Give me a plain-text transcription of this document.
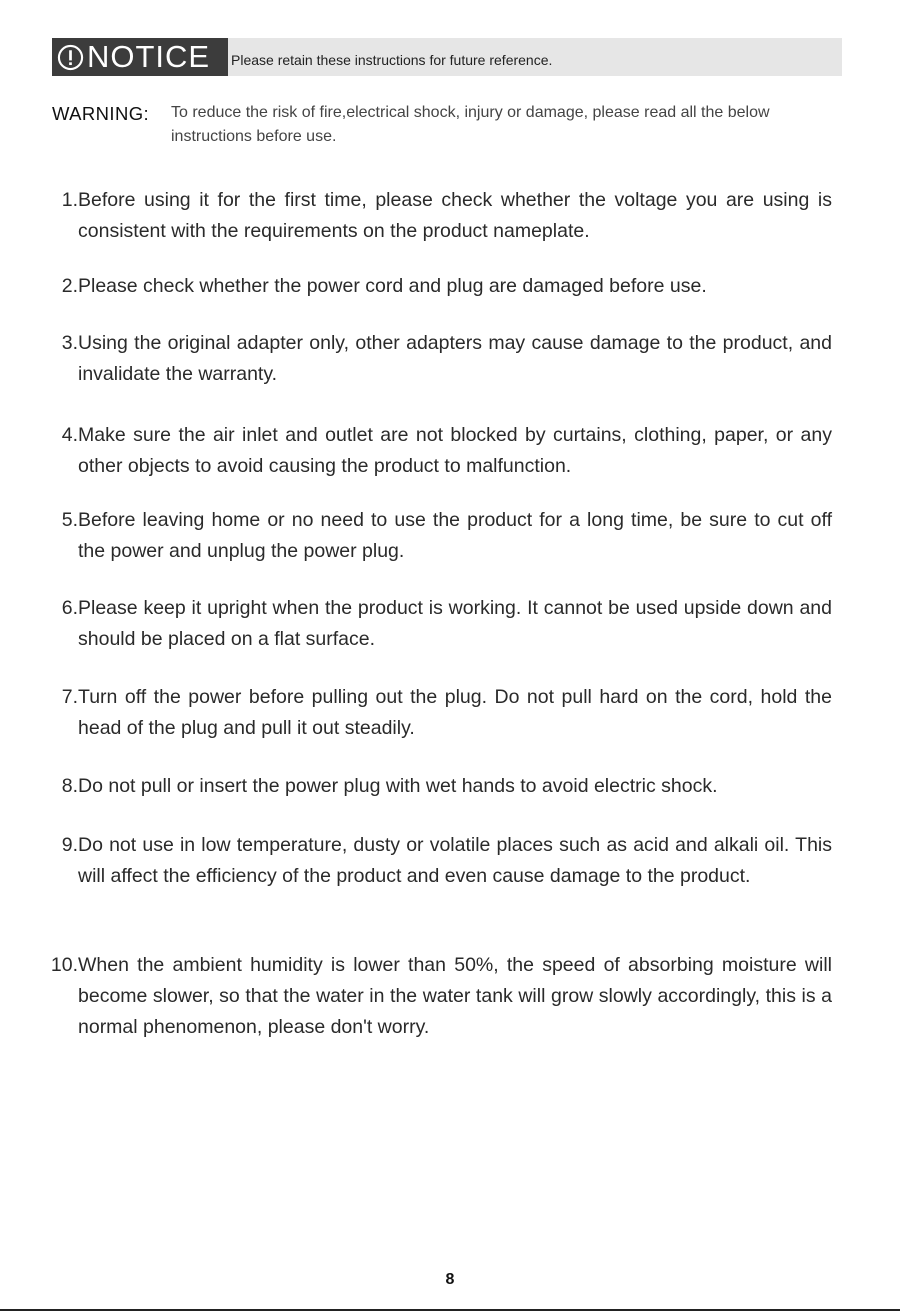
NOTICE Please retain these instructions for future reference.
WARNING: To reduce the risk of fire,electrical shock, injury or damage, please read all the below instructions before use.
1. Before using it for the first time, please check whether the voltage you are using is consistent with the requirements on the product nameplate.
2. Please check whether the power cord and plug are damaged before use.
3. Using the original adapter only, other adapters may cause damage to the product, and invalidate the warranty.
4. Make sure the air inlet and outlet are not blocked by curtains, clothing, paper, or any other objects to avoid causing the product to malfunction.
5. Before leaving home or no need to use the product for a long time, be sure to cut off the power and unplug the power plug.
6. Please keep it upright when the product is working. It cannot be used upside down and should be placed on a flat surface.
7. Turn off the power before pulling out the plug. Do not pull hard on the cord, hold the head of the plug and pull it out steadily.
8. Do not pull or insert the power plug with wet hands to avoid electric shock.
9. Do not use in low temperature, dusty or volatile places such as acid and alkali oil. This will affect the efficiency of the product and even cause damage to the product.
10. When the ambient humidity is lower than 50%, the speed of absorbing moisture will become slower, so that the water in the water tank will grow slowly accordingly, this is a normal phenomenon, please don't worry.
8
